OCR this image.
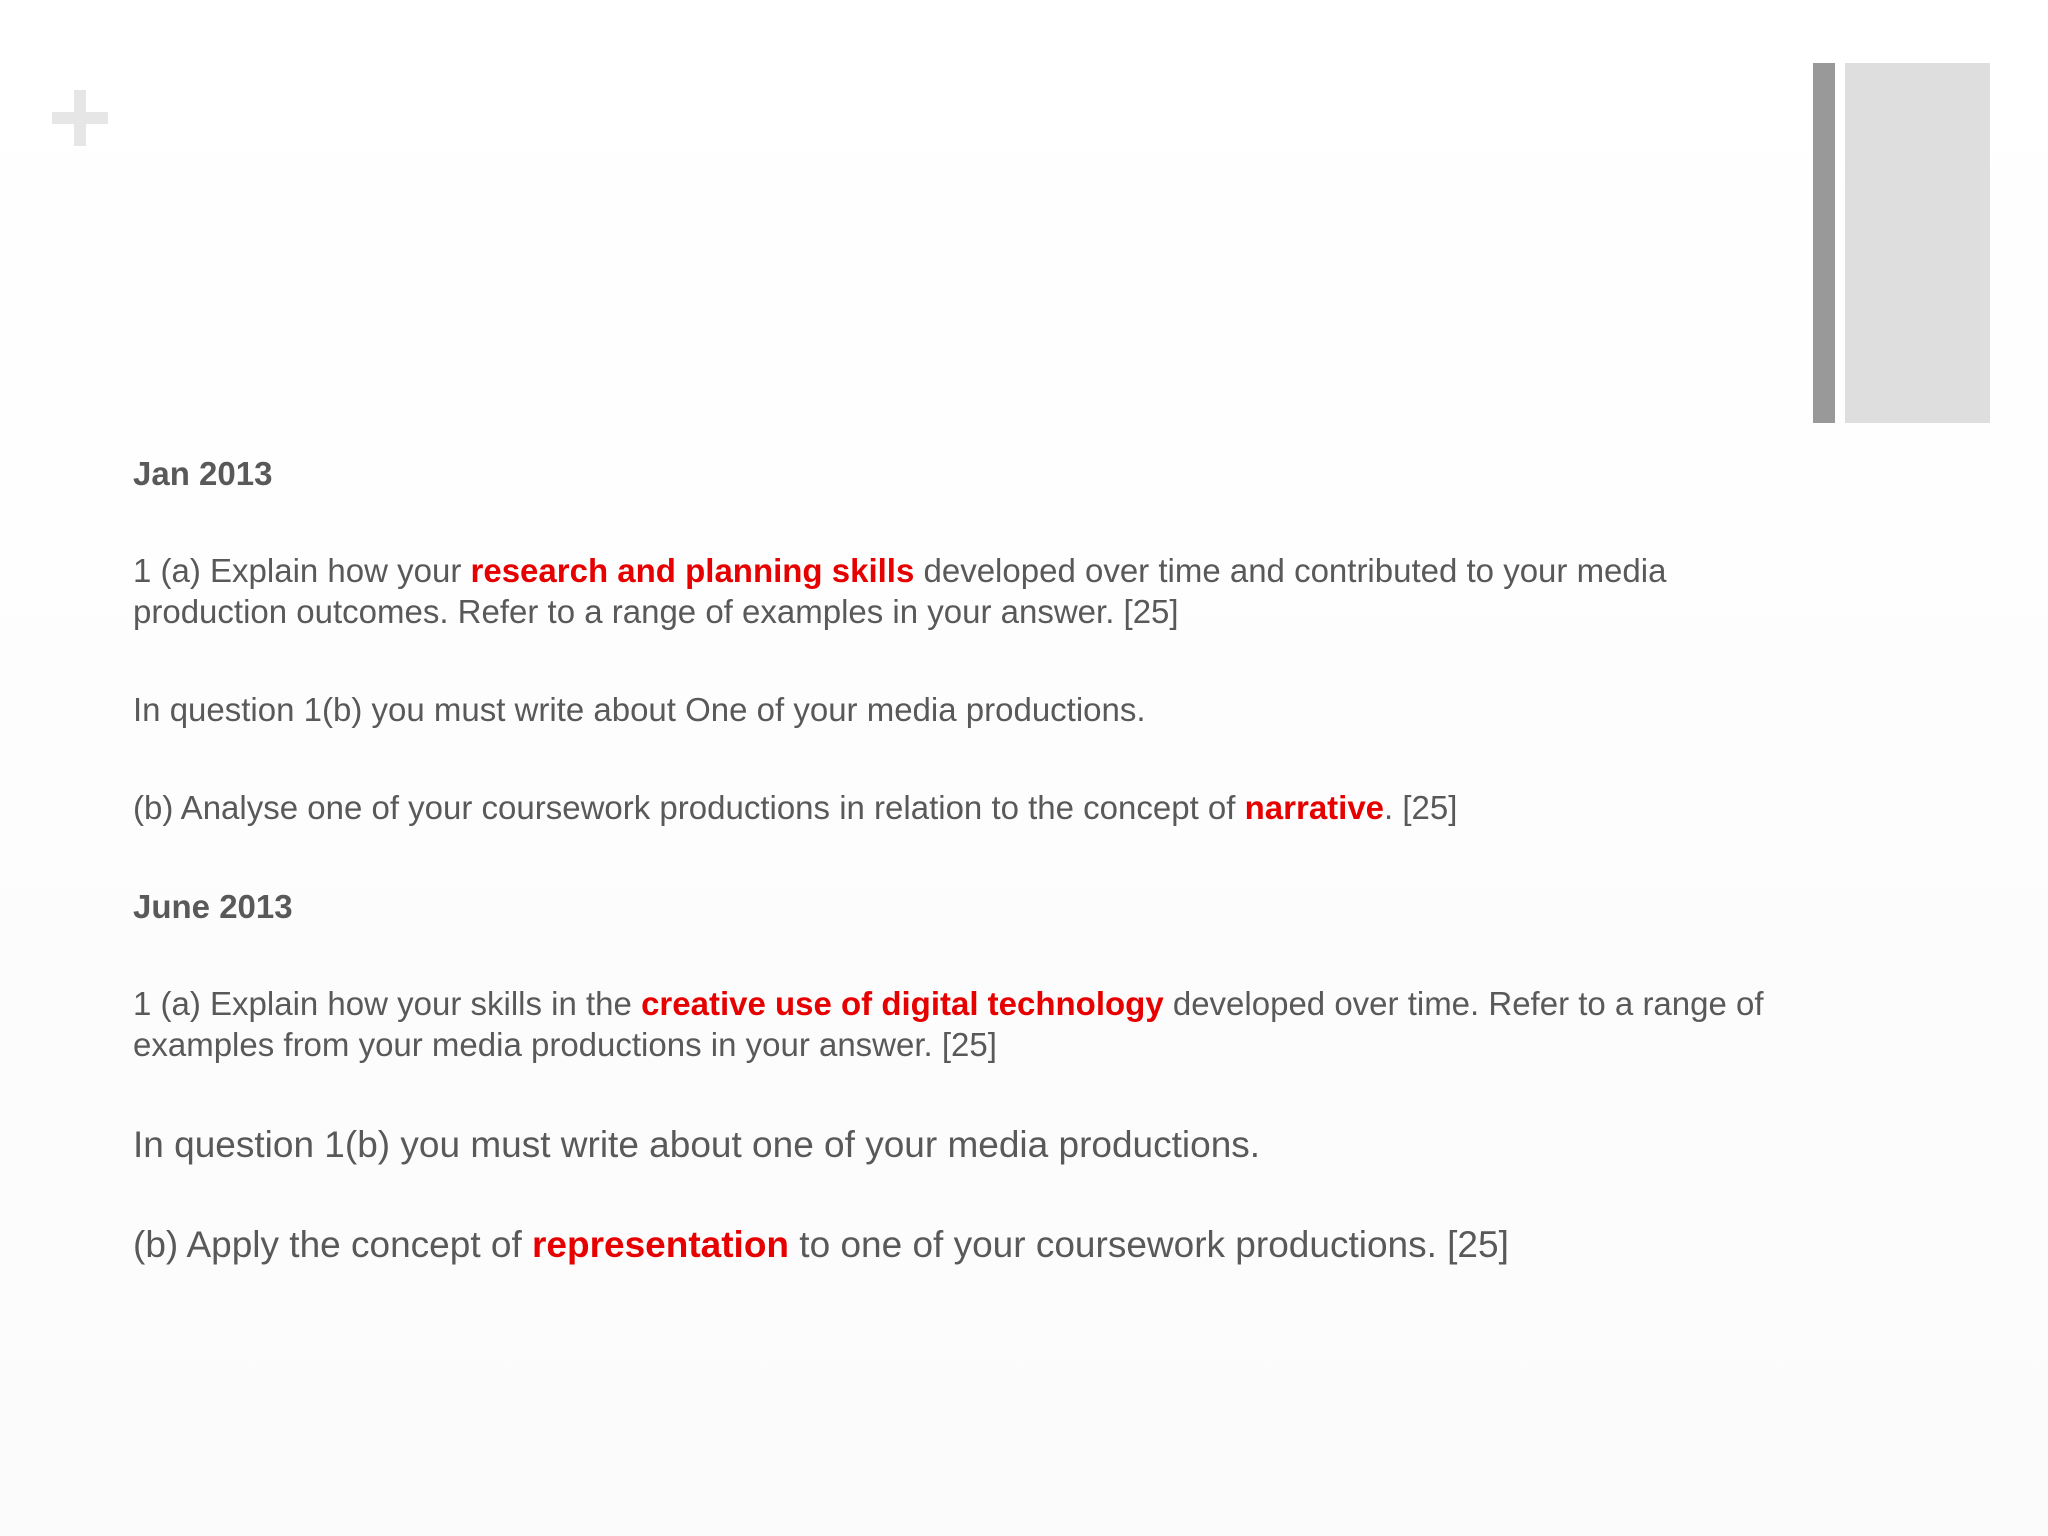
Jan 2013

1 (a) Explain how your research and planning skills developed over time and contributed to your media production outcomes. Refer to a range of examples in your answer. [25]

In question 1(b) you must write about One of your media productions.

(b) Analyse one of your coursework productions in relation to the concept of narrative. [25]

June 2013

1 (a) Explain how your skills in the creative use of digital technology developed over time. Refer to a range of examples from your media productions in your answer. [25]

In question 1(b) you must write about one of your media productions.

(b) Apply the concept of representation to one of your coursework productions. [25]
